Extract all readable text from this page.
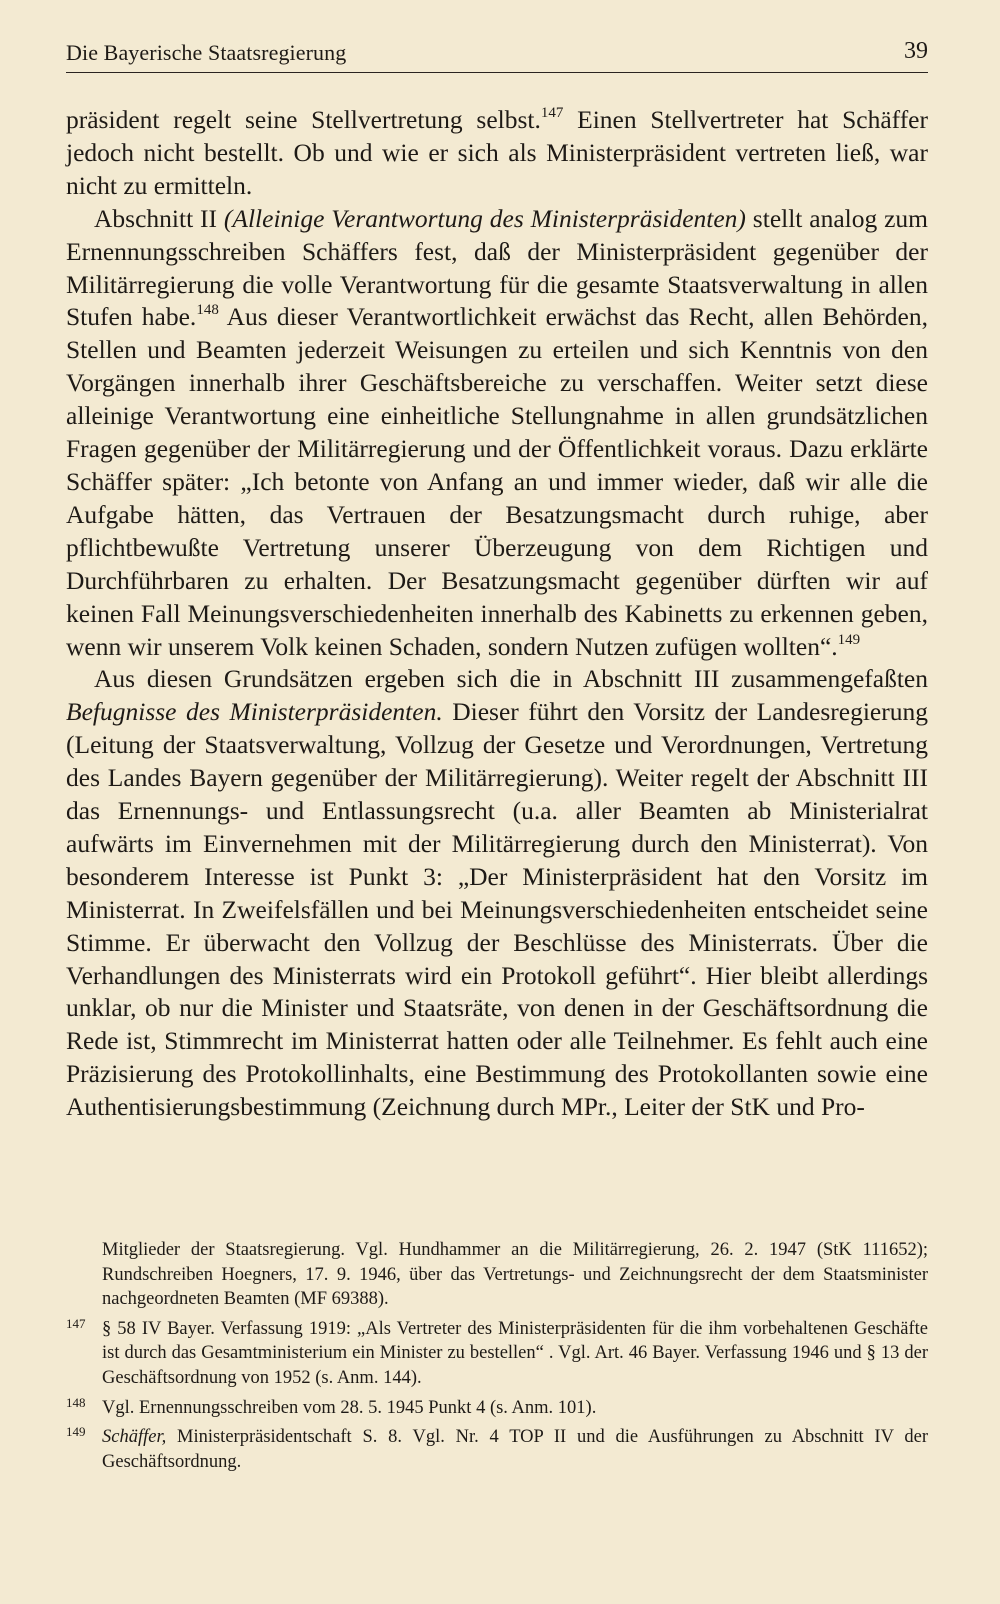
Die Bayerische Staatsregierung	39

präsident regelt seine Stellvertretung selbst.$^{147}$ Einen Stellvertreter hat Schäffer jedoch nicht bestellt. Ob und wie er sich als Ministerpräsident vertreten ließ, war nicht zu ermitteln.

Abschnitt II (Alleinige Verantwortung des Ministerpräsidenten) stellt analog zum Ernennungsschreiben Schäffers fest, daß der Ministerpräsident gegenüber der Militärregierung die volle Verantwortung für die gesamte Staatsverwaltung in allen Stufen habe.$^{148}$ Aus dieser Verantwortlichkeit erwächst das Recht, allen Behörden, Stellen und Beamten jederzeit Weisungen zu erteilen und sich Kenntnis von den Vorgängen innerhalb ihrer Geschäftsbereiche zu verschaffen. Weiter setzt diese alleinige Verantwortung eine einheitliche Stellungnahme in allen grundsätzlichen Fragen gegenüber der Militärregierung und der Öffentlichkeit voraus. Dazu erklärte Schäffer später: „Ich betonte von Anfang an und immer wieder, daß wir alle die Aufgabe hätten, das Vertrauen der Besatzungsmacht durch ruhige, aber pflichtbewußte Vertretung unserer Überzeugung von dem Richtigen und Durchführbaren zu erhalten. Der Besatzungsmacht gegenüber dürften wir auf keinen Fall Meinungsverschiedenheiten innerhalb des Kabinetts zu erkennen geben, wenn wir unserem Volk keinen Schaden, sondern Nutzen zufügen wollten“.$^{149}$

Aus diesen Grundsätzen ergeben sich die in Abschnitt III zusammengefaßten Befugnisse des Ministerpräsidenten. Dieser führt den Vorsitz der Landesregierung (Leitung der Staatsverwaltung, Vollzug der Gesetze und Verordnungen, Vertretung des Landes Bayern gegenüber der Militärregierung). Weiter regelt der Abschnitt III das Ernennungs- und Entlassungsrecht (u.a. aller Beamten ab Ministerialrat aufwärts im Einvernehmen mit der Militärregierung durch den Ministerrat). Von besonderem Interesse ist Punkt 3: „Der Ministerpräsident hat den Vorsitz im Ministerrat. In Zweifelsfällen und bei Meinungsverschiedenheiten entscheidet seine Stimme. Er überwacht den Vollzug der Beschlüsse des Ministerrats. Über die Verhandlungen des Ministerrats wird ein Protokoll geführt“. Hier bleibt allerdings unklar, ob nur die Minister und Staatsräte, von denen in der Geschäftsordnung die Rede ist, Stimmrecht im Ministerrat hatten oder alle Teilnehmer. Es fehlt auch eine Präzisierung des Protokollinhalts, eine Bestimmung des Protokollanten sowie eine Authentisierungsbestimmung (Zeichnung durch MPr., Leiter der StK und Pro-

Mitglieder der Staatsregierung. Vgl. Hundhammer an die Militärregierung, 26. 2. 1947 (StK 111652); Rundschreiben Hoegners, 17. 9. 1946, über das Vertretungs- und Zeichnungsrecht der dem Staatsminister nachgeordneten Beamten (MF 69388).
147 § 58 IV Bayer. Verfassung 1919: „Als Vertreter des Ministerpräsidenten für die ihm vorbehaltenen Geschäfte ist durch das Gesamtministerium ein Minister zu bestellen“ . Vgl. Art. 46 Bayer. Verfassung 1946 und § 13 der Geschäftsordnung von 1952 (s. Anm. 144).
148 Vgl. Ernennungsschreiben vom 28. 5. 1945 Punkt 4 (s. Anm. 101).
149 Schäffer, Ministerpräsidentschaft S. 8. Vgl. Nr. 4 TOP II und die Ausführungen zu Abschnitt IV der Geschäftsordnung.
